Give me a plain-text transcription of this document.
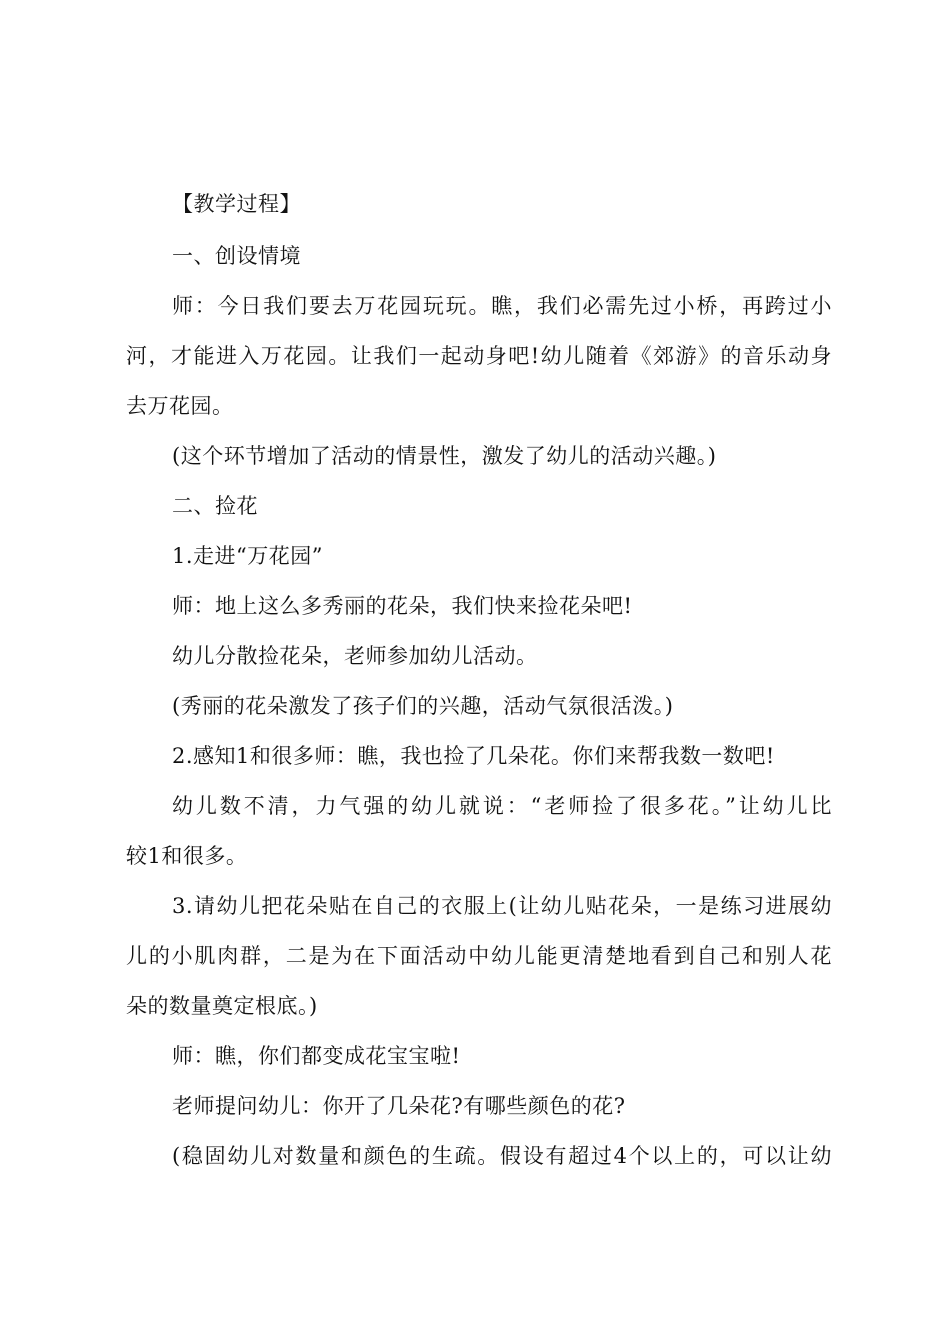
【教学过程】
一、创设情境
师：今日我们要去万花园玩玩。瞧，我们必需先过小桥，再跨过小
河，才能进入万花园。让我们一起动身吧!幼儿随着《郊游》的音乐动身
去万花园。
(这个环节增加了活动的情景性，激发了幼儿的活动兴趣。)
二、捡花
1.走进“万花园”
师：地上这么多秀丽的花朵，我们快来捡花朵吧!
幼儿分散捡花朵，老师参加幼儿活动。
(秀丽的花朵激发了孩子们的兴趣，活动气氛很活泼。)
2.感知1和很多师：瞧，我也捡了几朵花。你们来帮我数一数吧!
幼儿数不清，力气强的幼儿就说：“老师捡了很多花。”让幼儿比
较1和很多。
3.请幼儿把花朵贴在自己的衣服上(让幼儿贴花朵，一是练习进展幼
儿的小肌肉群，二是为在下面活动中幼儿能更清楚地看到自己和别人花
朵的数量奠定根底。)
师：瞧，你们都变成花宝宝啦!
老师提问幼儿：你开了几朵花?有哪些颜色的花?
(稳固幼儿对数量和颜色的生疏。假设有超过4个以上的，可以让幼
